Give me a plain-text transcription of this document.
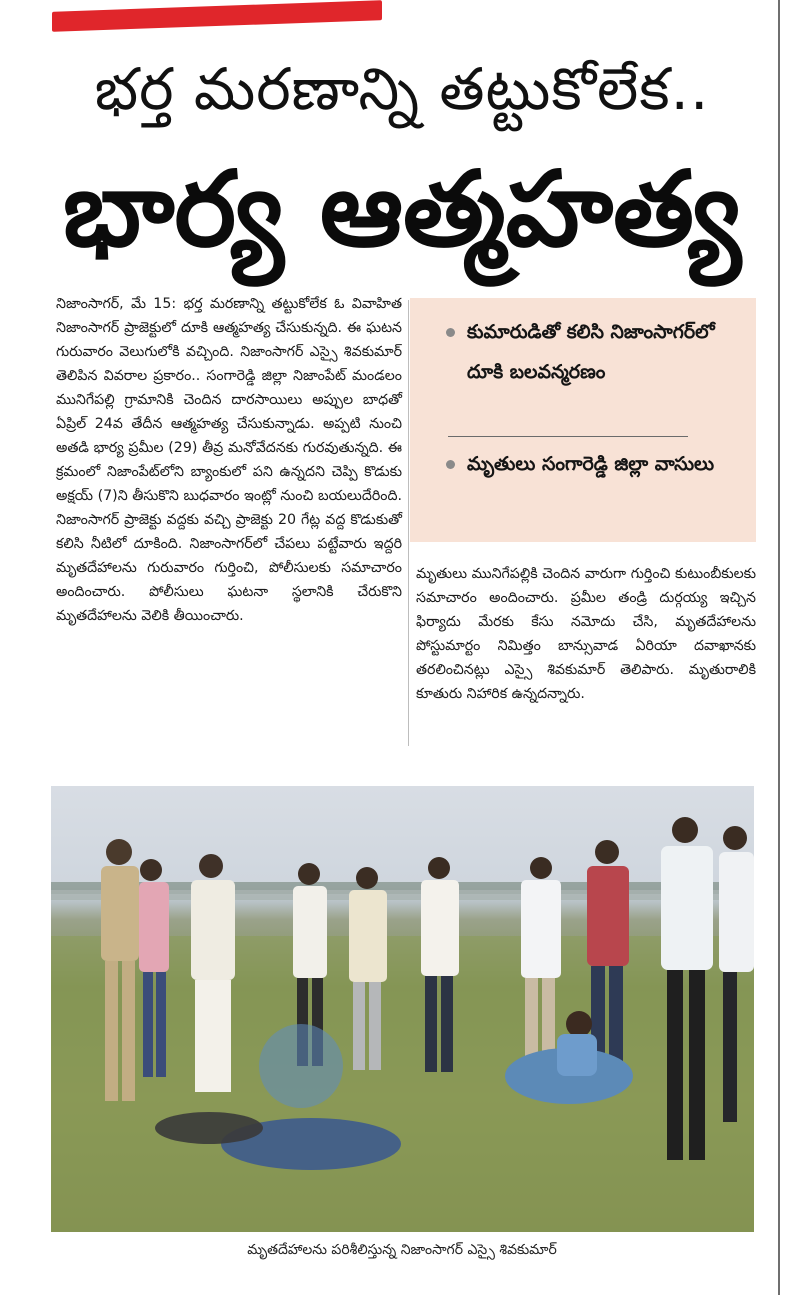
భర్త మరణాన్ని తట్టుకోలేక..
భార్య ఆత్మహత్య

నిజాంసాగర్, మే 15: భర్త మరణాన్ని తట్టుకోలేక ఓ వివాహిత నిజాంసాగర్ ప్రాజెక్టులో దూకి ఆత్మహత్య చేసుకున్నది. ఈ ఘటన గురువారం వెలుగులోకి వచ్చింది. నిజాంసాగర్ ఎస్సై శివకుమార్ తెలిపిన వివరాల ప్రకారం.. సంగారెడ్డి జిల్లా నిజాంపేట్ మండలం మునిగేపల్లి గ్రామానికి చెందిన దారసాయిలు అప్పుల బాధతో ఏప్రిల్ 24వ తేదీన ఆత్మహత్య చేసుకున్నాడు. అప్పటి నుంచి అతడి భార్య ప్రమీల (29) తీవ్ర మనోవేదనకు గురవుతున్నది. ఈ క్రమంలో నిజాంపేట్‌లోని బ్యాంకులో పని ఉన్నదని చెప్పి కొడుకు అక్షయ్ (7)ని తీసుకొని బుధవారం ఇంట్లో నుంచి బయలుదేరింది. నిజాంసాగర్ ప్రాజెక్టు వద్దకు వచ్చి ప్రాజెక్టు 20 గేట్ల వద్ద కొడుకుతో కలిసి నీటిలో దూకింది. నిజాంసాగర్‌లో చేపలు పట్టేవారు ఇద్దరి మృతదేహాలను గురువారం గుర్తించి, పోలీసులకు సమాచారం అందించారు. పోలీసులు ఘటనా స్థలానికి చేరుకొని మృతదేహాలను వెలికి తీయించారు.

కుమారుడితో కలిసి నిజాంసాగర్‌లో దూకి బలవన్మరణం
మృతులు సంగారెడ్డి జిల్లా వాసులు

మృతులు మునిగేపల్లికి చెందిన వారుగా గుర్తించి కుటుంబీకులకు సమాచారం అందించారు. ప్రమీల తండ్రి దుర్గయ్య ఇచ్చిన ఫిర్యాదు మేరకు కేసు నమోదు చేసి, మృతదేహాలను పోస్టుమార్టం నిమిత్తం బాన్సువాడ ఏరియా దవాఖానకు తరలించినట్లు ఎస్సై శివకుమార్ తెలిపారు. మృతురాలికి కూతురు నిహారిక ఉన్నదన్నారు.

మృతదేహాలను పరిశీలిస్తున్న నిజాంసాగర్ ఎస్సై శివకుమార్
